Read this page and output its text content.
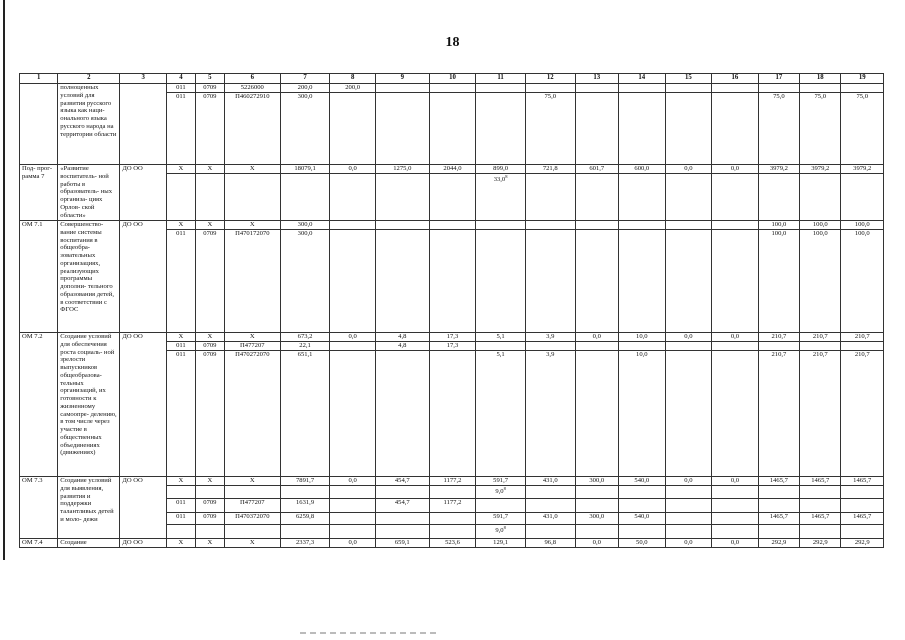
18
1	2	3	4	5	6	7	8	9	10	11	12	13	14	15	16	17	18	19
	полноценных условий для развития русского языка как наци- онального языка русского народа на территории области		011	0709	5226000	200,0	200,0											
			011	0709	П460272910	300,0					75,0					75,0	75,0	75,0
Под- прог- рамма 7	«Развитие воспитатель- ной работы в образователь- ных организа- циях Орлов- ской области»	ДО ОО	Х	Х	Х	18079,1	0,0	1275,0	2044,0	899,0	721,8	601,7	600,0	0,0	0,0	3979,2	3979,2	3979,2
										33,0$^8$								
ОМ 7.1	Совершенство- вание системы воспитания в общеобра- зовательных организациях, реализующих программы дополни- тельного образования детей, в соответствии с ФГОС	ДО ОО	Х	Х	Х	300,0										100,0	100,0	100,0
			011	0709	П470172070	300,0										100,0	100,0	100,0
ОМ 7.2	Создание условий для обеспечения роста социаль- ной зрелости выпускников общеобразова- тельных организаций, их готовности к жизненному самоопре- делению, в том числе через участие в общественных объединениях (движениях)	ДО ОО	Х	Х	Х	673,2	0,0	4,8	17,3	5,1	3,9	0,0	10,0	0,0	0,0	210,7	210,7	210,7
			011	0709	П477207	22,1		4,8	17,3									
			011	0709	П470272070	651,1				5,1	3,9		10,0			210,7	210,7	210,7
ОМ 7.3	Создание условий для выявления, развития и поддержки талантливых детей и моло- дежи	ДО ОО	Х	Х	Х	7891,7	0,0	454,7	1177,2	591,7	431,0	300,0	540,0	0,0	0,0	1465,7	1465,7	1465,7
										$9,0^8$								
			011	0709	П477207	1631,9		454,7	1177,2									
			011	0709	П470372070	6259,8				591,7	431,0	300,0	540,0			1465,7	1465,7	1465,7
										$9,0^8$								
ОМ 7.4	Создание	ДО ОО	Х	Х	Х	2337,3	0,0	659,1	523,6	129,1	96,8	0,0	50,0	0,0	0,0	292,9	292,9	292,9
